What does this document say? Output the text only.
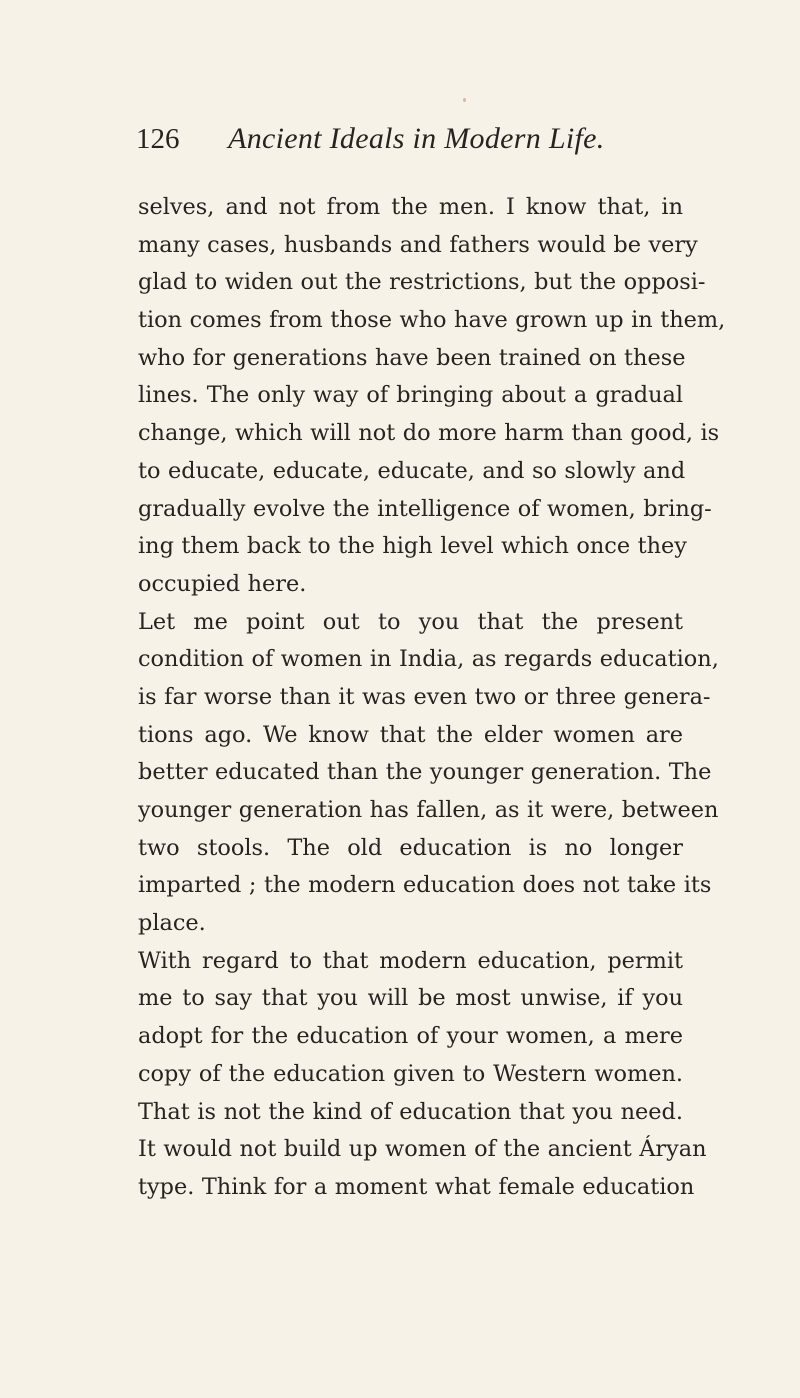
126 Ancient Ideals in Modern Life.
selves, and not from the men. I know that, in
many cases, husbands and fathers would be very
glad to widen out the restrictions, but the opposi-
tion comes from those who have grown up in them,
who for generations have been trained on these
lines. The only way of bringing about a gradual
change, which will not do more harm than good, is
to educate, educate, educate, and so slowly and
gradually evolve the intelligence of women, bring-
ing them back to the high level which once they
occupied here.
Let me point out to you that the present
condition of women in India, as regards education,
is far worse than it was even two or three genera-
tions ago. We know that the elder women are
better educated than the younger generation. The
younger generation has fallen, as it were, between
two stools. The old education is no longer
imparted ; the modern education does not take its
place.
With regard to that modern education, permit
me to say that you will be most unwise, if you
adopt for the education of your women, a mere
copy of the education given to Western women.
That is not the kind of education that you need.
It would not build up women of the ancient Áryan
type. Think for a moment what female education
